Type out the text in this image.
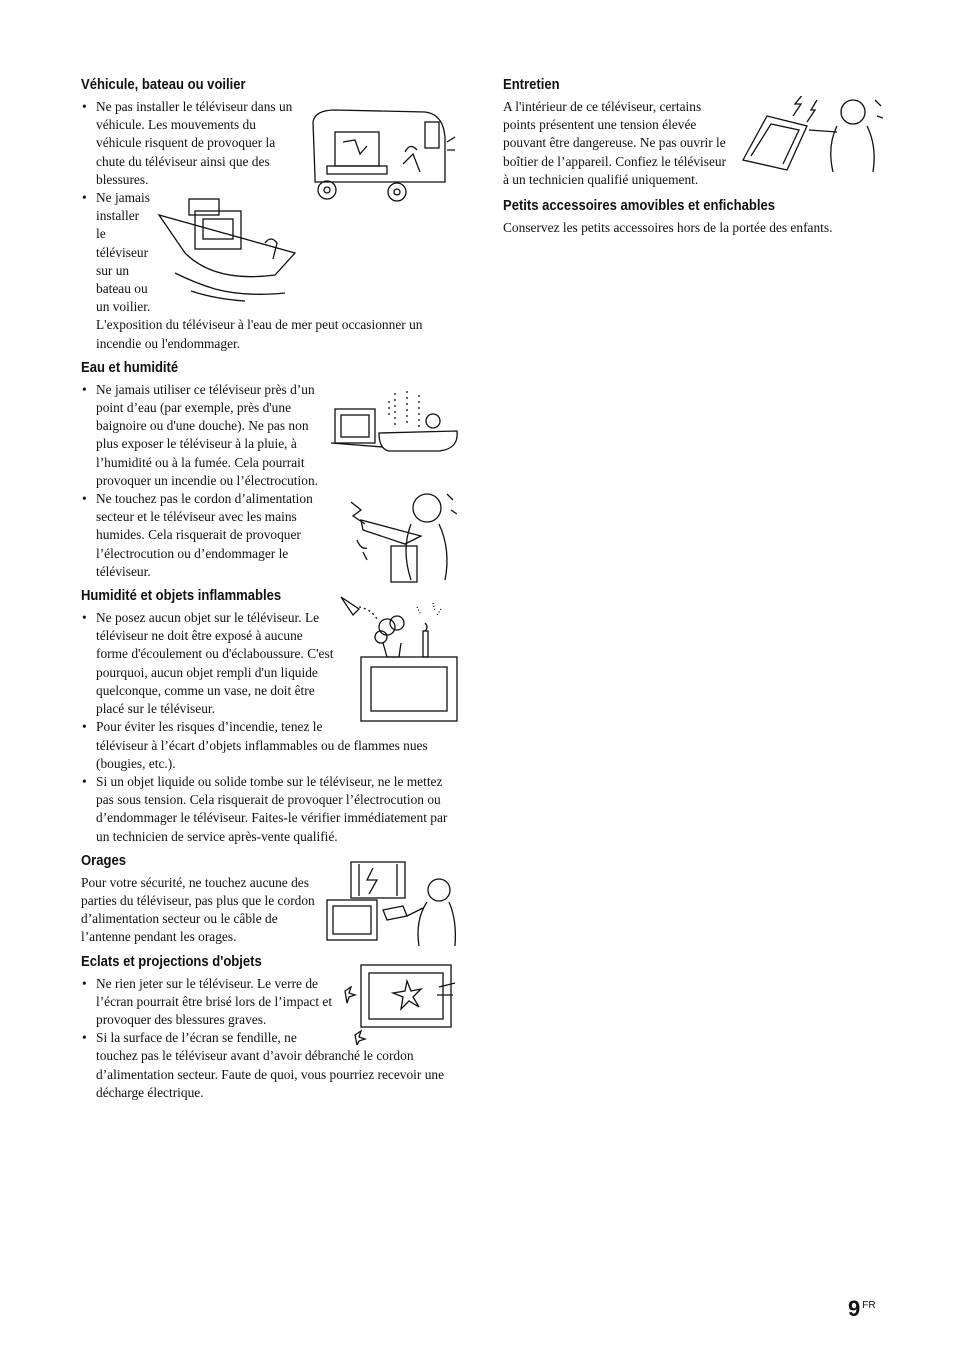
Véhicule, bateau ou voilier
• Ne pas installer le téléviseur dans un véhicule. Les mouvements du véhicule risquent de provoquer la chute du téléviseur ainsi que des blessures.
• Ne jamais installer le téléviseur sur un bateau ou un voilier. L'exposition du téléviseur à l'eau de mer peut occasionner un incendie ou l'endommager.
Eau et humidité
• Ne jamais utiliser ce téléviseur près d’un point d’eau (par exemple, près d'une baignoire ou d'une douche). Ne pas non plus exposer le téléviseur à la pluie, à l’humidité ou à la fumée. Cela pourrait provoquer un incendie ou l’électrocution.
• Ne touchez pas le cordon d’alimentation secteur et le téléviseur avec les mains humides. Cela risquerait de provoquer l’électrocution ou d’endommager le téléviseur.
Humidité et objets inflammables
• Ne posez aucun objet sur le téléviseur. Le téléviseur ne doit être exposé à aucune forme d'écoulement ou d'éclaboussure. C'est pourquoi, aucun objet rempli d'un liquide quelconque, comme un vase, ne doit être placé sur le téléviseur.
• Pour éviter les risques d’incendie, tenez le téléviseur à l’écart d’objets inflammables ou de flammes nues (bougies, etc.).
• Si un objet liquide ou solide tombe sur le téléviseur, ne le mettez pas sous tension. Cela risquerait de provoquer l’électrocution ou d’endommager le téléviseur. Faites-le vérifier immédiatement par un technicien de service après-vente qualifié.
Orages

Pour votre sécurité, ne touchez aucune des parties du téléviseur, pas plus que le cordon d’alimentation secteur ou le câble de l’antenne pendant les orages.

Eclats et projections d'objets
• Ne rien jeter sur le téléviseur. Le verre de l’écran pourrait être brisé lors de l’impact et provoquer des blessures graves.
• Si la surface de l’écran se fendille, ne touchez pas le téléviseur avant d’avoir débranché le cordon d’alimentation secteur. Faute de quoi, vous pourriez recevoir une décharge électrique.
Entretien

A l'intérieur de ce téléviseur, certains points présentent une tension élevée pouvant être dangereuse. Ne pas ouvrir le boîtier de l’appareil. Confiez le téléviseur à un technicien qualifié uniquement.

Petits accessoires amovibles et enfichables

Conservez les petits accessoires hors de la portée des enfants.

9 $^{FR}$
